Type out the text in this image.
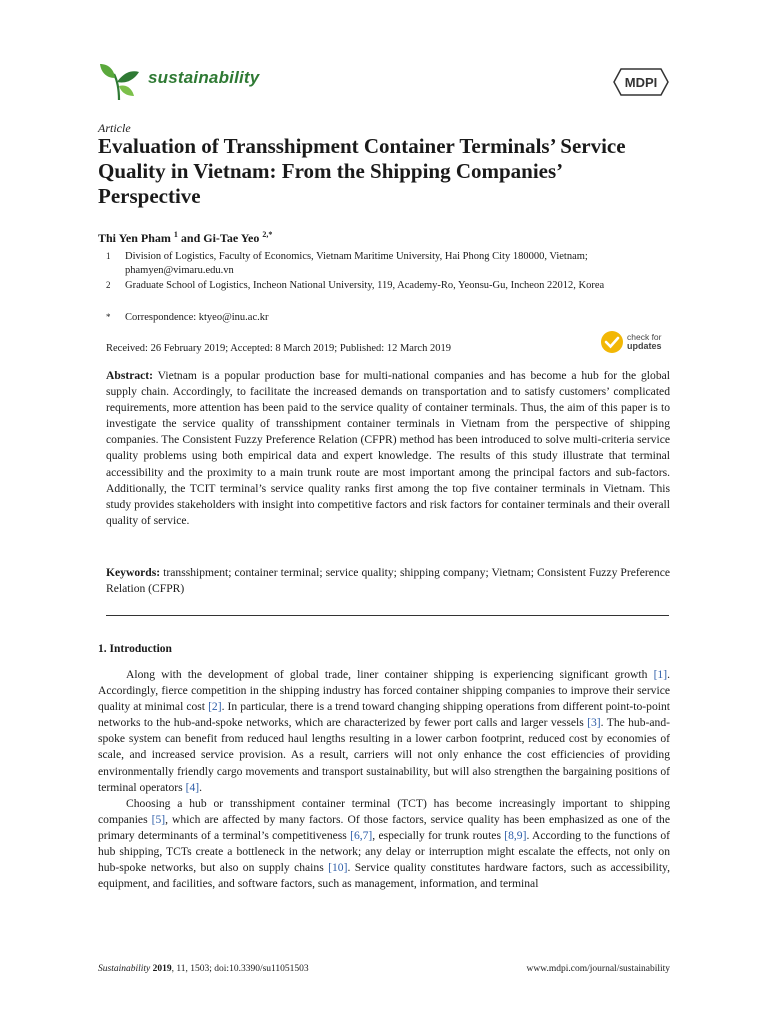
sustainability	MDPI
Article
Evaluation of Transshipment Container Terminals’ Service Quality in Vietnam: From the Shipping Companies’ Perspective
Thi Yen Pham $^1$ and Gi-Tae Yeo $^{2,*}$
1 Division of Logistics, Faculty of Economics, Vietnam Maritime University, Hai Phong City 180000, Vietnam; phamyen@vimaru.edu.vn
2 Graduate School of Logistics, Incheon National University, 119, Academy-Ro, Yeonsu-Gu, Incheon 22012, Korea
* Correspondence: ktyeo@inu.ac.kr
Received: 26 February 2019; Accepted: 8 March 2019; Published: 12 March 2019
check for
updates
Abstract: Vietnam is a popular production base for multi-national companies and has become a hub for the global supply chain. Accordingly, to facilitate the increased demands on transportation and to satisfy customers’ complicated requirements, more attention has been paid to the service quality of container terminals. Thus, the aim of this paper is to investigate the service quality of transshipment container terminals in Vietnam from the perspective of shipping companies. The Consistent Fuzzy Preference Relation (CFPR) method has been introduced to solve multi-criteria service quality problems using both empirical data and expert knowledge. The results of this study illustrate that terminal accessibility and the proximity to a main trunk route are most important among the principal factors and sub-factors. Additionally, the TCIT terminal’s service quality ranks first among the top five container terminals in Vietnam. This study provides stakeholders with insight into competitive factors and risk factors for container terminals and their overall quality of service.
Keywords: transshipment; container terminal; service quality; shipping company; Vietnam; Consistent Fuzzy Preference Relation (CFPR)
1. Introduction

Along with the development of global trade, liner container shipping is experiencing significant growth [1]. Accordingly, fierce competition in the shipping industry has forced container shipping companies to improve their service quality at minimal cost [2]. In particular, there is a trend toward changing shipping operations from different point-to-point networks to the hub-and-spoke networks, which are characterized by fewer port calls and larger vessels [3]. The hub-and-spoke system can benefit from reduced haul lengths resulting in a lower carbon footprint, reduced cost by economies of scale, and increased service provision. As a result, carriers will not only enhance the cost efficiencies of providing environmentally friendly cargo movements and transport sustainability, but will also strengthen the bargaining positions of terminal operators [4].

Choosing a hub or transshipment container terminal (TCT) has become increasingly important to shipping companies [5], which are affected by many factors. Of those factors, service quality has been emphasized as one of the primary determinants of a terminal’s competitiveness [6,7], especially for trunk routes [8,9]. According to the functions of hub shipping, TCTs create a bottleneck in the network; any delay or interruption might escalate the effects, not only on hub-spoke networks, but also on supply chains [10]. Service quality constitutes hardware factors, such as accessibility, equipment, and facilities, and software factors, such as management, information, and terminal

Sustainability 2019, 11, 1503; doi:10.3390/su11051503	www.mdpi.com/journal/sustainability
